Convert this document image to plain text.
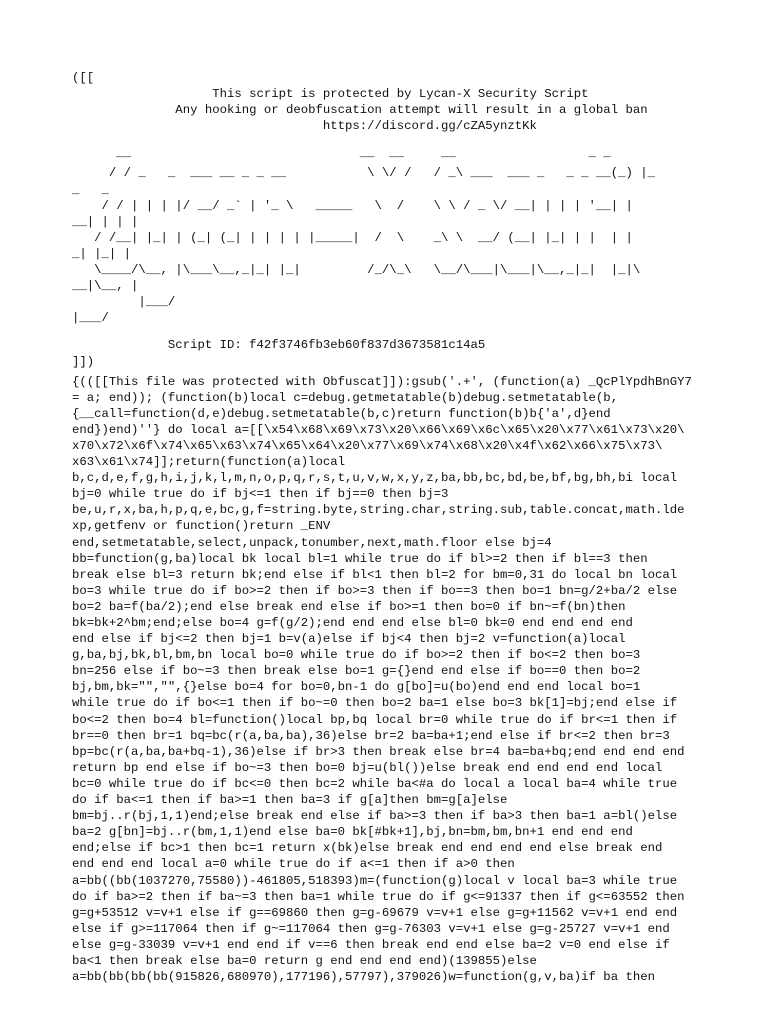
([[
This script is protected by Lycan-X Security Script
Any hooking or deobfuscation attempt will result in a global ban
https://discord.gg/cZA5ynztKk
__                               __  __     __                  _ _
/ / _   _  ___ __ _ _ __           \ \/ /   / _\ ___  ___ _   _ _ __(_) |_
_   _
/ / | | | |/ __/ _` | '_ \   _____   \  /    \ \ / _ \/ __| | | | '__| |
__| | | |
/ /__| |_| | (_| (_| | | | | |_____|  /  \    _\ \  __/ (__| |_| | |  | |
_| |_| |
\____/\__, |\___\__,_|_| |_|         /_/\_\   \__/\___|\___|\__,_|_|  |_|\
__|\__, |
|___/
|___/
Script ID: f42f3746fb3eb60f837d3673581c14a5
]])
{(([[This file was protected with Obfuscat]]):gsub('.+', (function(a) _QcPlYpdhBnGY7
= a; end)); (function(b)local c=debug.getmetatable(b)debug.setmetatable(b,
{__call=function(d,e)debug.setmetatable(b,c)return function(b)b{'a',d}end
end})end)''} do local a=[[\x54\x68\x69\x73\x20\x66\x69\x6c\x65\x20\x77\x61\x73\x20\
x70\x72\x6f\x74\x65\x63\x74\x65\x64\x20\x77\x69\x74\x68\x20\x4f\x62\x66\x75\x73\
x63\x61\x74]];return(function(a)local
b,c,d,e,f,g,h,i,j,k,l,m,n,o,p,q,r,s,t,u,v,w,x,y,z,ba,bb,bc,bd,be,bf,bg,bh,bi local
bj=0 while true do if bj<=1 then if bj==0 then bj=3
be,u,r,x,ba,h,p,q,e,bc,g,f=string.byte,string.char,string.sub,table.concat,math.lde
xp,getfenv or function()return _ENV
end,setmetatable,select,unpack,tonumber,next,math.floor else bj=4
bb=function(g,ba)local bk local bl=1 while true do if bl>=2 then if bl==3 then
break else bl=3 return bk;end else if bl<1 then bl=2 for bm=0,31 do local bn local
bo=3 while true do if bo>=2 then if bo>=3 then if bo==3 then bo=1 bn=g/2+ba/2 else
bo=2 ba=f(ba/2);end else break end else if bo>=1 then bo=0 if bn~=f(bn)then
bk=bk+2^bm;end;else bo=4 g=f(g/2);end end end else bl=0 bk=0 end end end end
end else if bj<=2 then bj=1 b=v(a)else if bj<4 then bj=2 v=function(a)local
g,ba,bj,bk,bl,bm,bn local bo=0 while true do if bo>=2 then if bo<=2 then bo=3
bn=256 else if bo~=3 then break else bo=1 g={}end end else if bo==0 then bo=2
bj,bm,bk="","",{}else bo=4 for bo=0,bn-1 do g[bo]=u(bo)end end end local bo=1
while true do if bo<=1 then if bo~=0 then bo=2 ba=1 else bo=3 bk[1]=bj;end else if
bo<=2 then bo=4 bl=function()local bp,bq local br=0 while true do if br<=1 then if
br==0 then br=1 bq=bc(r(a,ba,ba),36)else br=2 ba=ba+1;end else if br<=2 then br=3
bp=bc(r(a,ba,ba+bq-1),36)else if br>3 then break else br=4 ba=ba+bq;end end end end
return bp end else if bo~=3 then bo=0 bj=u(bl())else break end end end end local
bc=0 while true do if bc<=0 then bc=2 while ba<#a do local a local ba=4 while true
do if ba<=1 then if ba>=1 then ba=3 if g[a]then bm=g[a]else
bm=bj..r(bj,1,1)end;else break end else if ba>=3 then if ba>3 then ba=1 a=bl()else
ba=2 g[bn]=bj..r(bm,1,1)end else ba=0 bk[#bk+1],bj,bn=bm,bm,bn+1 end end end
end;else if bc>1 then bc=1 return x(bk)else break end end end end else break end
end end end local a=0 while true do if a<=1 then if a>0 then
a=bb((bb(1037270,75580))-461805,518393)m=(function(g)local v local ba=3 while true
do if ba>=2 then if ba~=3 then ba=1 while true do if g<=91337 then if g<=63552 then
g=g+53512 v=v+1 else if g==69860 then g=g-69679 v=v+1 else g=g+11562 v=v+1 end end
else if g>=117064 then if g~=117064 then g=g-76303 v=v+1 else g=g-25727 v=v+1 end
else g=g-33039 v=v+1 end end if v==6 then break end end else ba=2 v=0 end else if
ba<1 then break else ba=0 return g end end end end)(139855)else
a=bb(bb(bb(bb(915826,680970),177196),57797),379026)w=function(g,v,ba)if ba then
